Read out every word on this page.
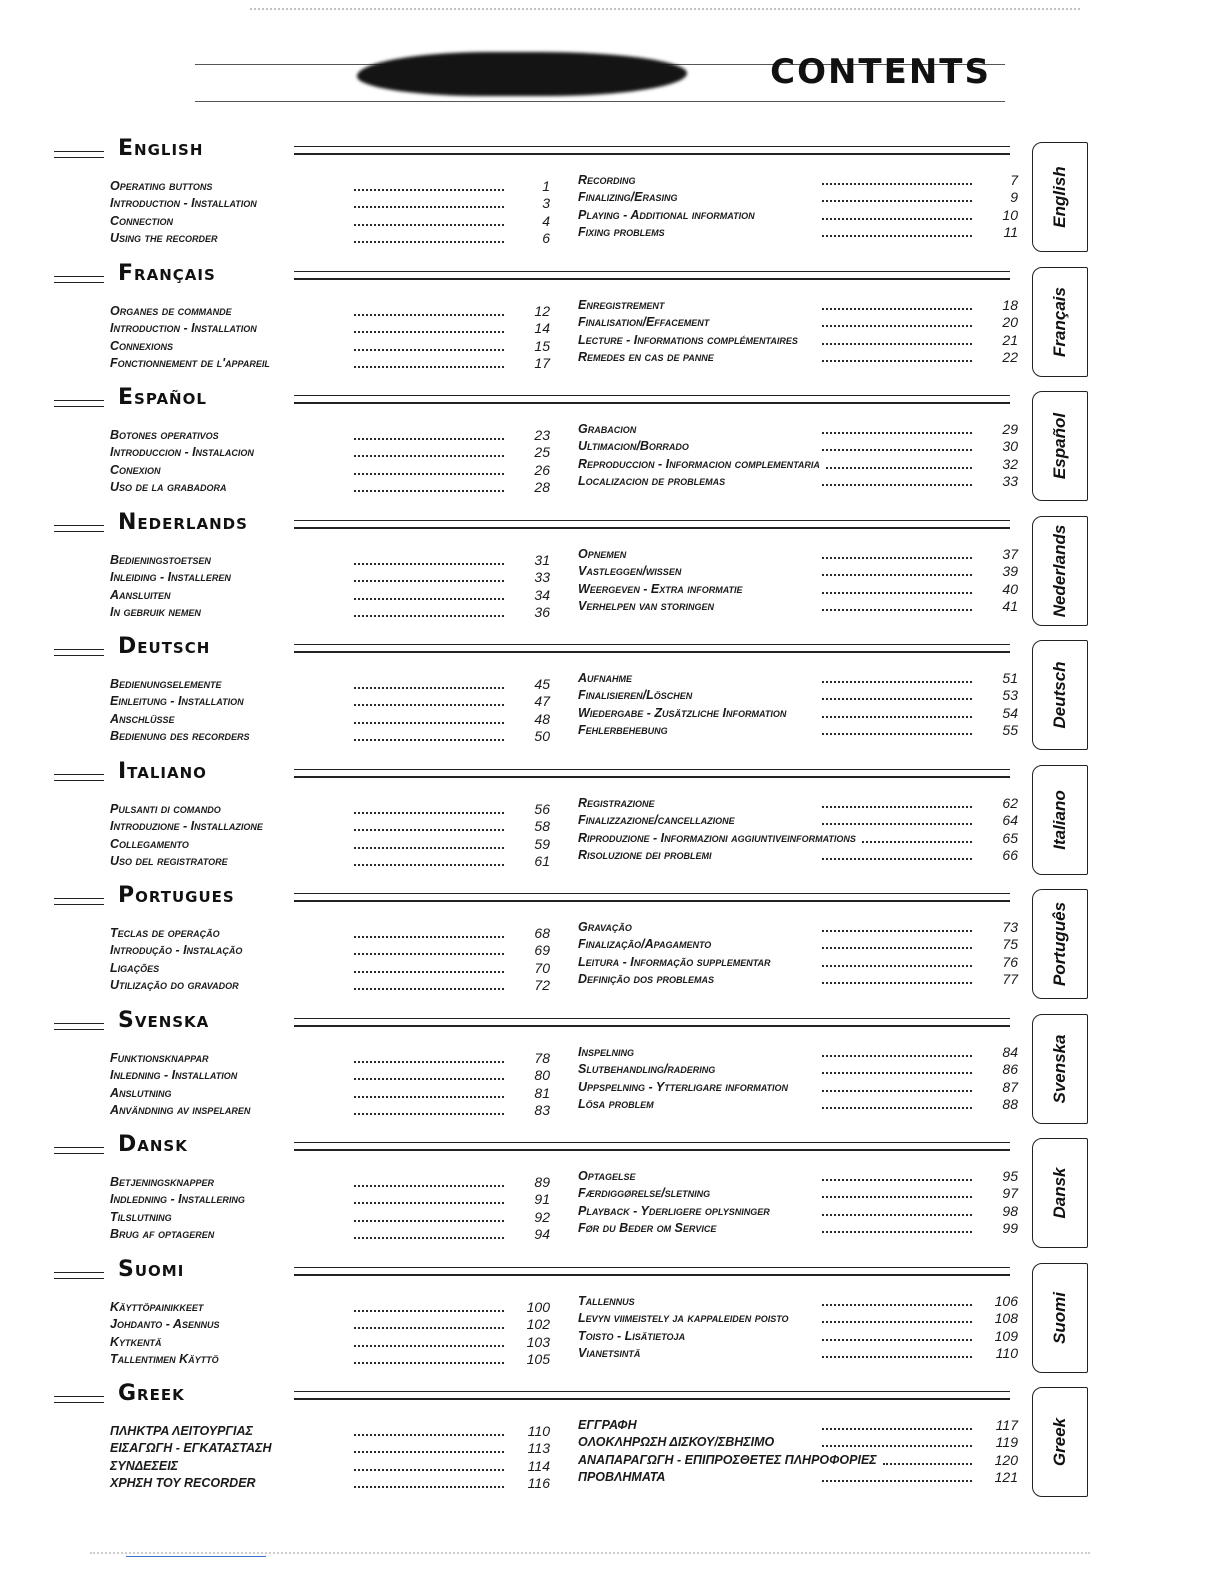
CONTENTS
English
Operating buttons	1
Introduction - Installation	3
Connection	4
Using the recorder	6
Recording	7
Finalizing/Erasing	9
Playing - Additional information	10
Fixing problems	11
English
Français
Organes de commande	12
Introduction - Installation	14
Connexions	15
Fonctionnement de l'appareil	17
Enregistrement	18
Finalisation/Effacement	20
Lecture - Informations complémentaires	21
Remedes en cas de panne	22
Français
Español
Botones operativos	23
Introduccion - Instalacion	25
Conexion	26
Uso de la grabadora	28
Grabacion	29
Ultimacion/Borrado	30
Reproduccion - Informacion complementaria	32
Localizacion de problemas	33
Español
Nederlands
Bedieningstoetsen	31
Inleiding - Installeren	33
Aansluiten	34
In gebruik nemen	36
Opnemen	37
Vastleggen/wissen	39
Weergeven - Extra informatie	40
Verhelpen van storingen	41 Nederlands
Deutsch
Bedienungselemente	45
Einleitung - Installation	47
Anschlüsse	48
Bedienung des recorders	50
Aufnahme	51
Finalisieren/Löschen	53
Wiedergabe - Zusätzliche Information	54
Fehlerbehebung	55
Deutsch
Italiano
Pulsanti di comando	56
Introduzione - Installazione	58
Collegamento	59
Uso del registratore	61
Registrazione	62
Finalizzazione/cancellazione	64
Riproduzione - Informazioni aggiuntiveinformations	65
Risoluzione dei problemi	66
Italiano
Portugues
Teclas de operação	68
Introdução - Instalação	69
Ligações	70
Utilização do gravador	72
Gravação	73
Finalização/Apagamento	75
Leitura - Informação supplementar	76
Definição dos problemas	77 Português
Svenska
Funktionsknappar	78
Inledning - Installation	80
Anslutning	81
Användning av inspelaren	83
Inspelning	84
Slutbehandling/radering	86
Uppspelning - Ytterligare information	87
Lösa problem	88
Svenska
Dansk
Betjeningsknapper	89
Indledning - Installering	91
Tilslutning	92
Brug af optageren	94
Optagelse	95
Færdiggørelse/sletning	97
Playback - Yderligere oplysninger	98
Før du Beder om Service	99
Dansk
Suomi
Käyttöpainikkeet	100
Johdanto - Asennus	102
Kytkentä	103
Tallentimen Käyttö	105
Tallennus	106
Levyn viimeistely ja kappaleiden poisto	108
Toisto - Lisätietoja	109
Vianetsintä	110
Suomi
Greek
ΠΛΗΚΤΡΑ ΛΕΙΤΟΥΡΓΙΑΣ	110
ΕΙΣΑΓΩΓΗ - ΕΓΚΑΤΑΣΤΑΣΗ	113
ΣΥΝΔΕΣΕΙΣ	114
ΧΡΗΣΗ ΤΟΥ RECORDER	116
ΕΓΓΡΑΦΗ	117
ΟΛΟΚΛΗΡΩΣΗ ΔΙΣΚΟΥ/ΣΒΗΣΙΜΟ	119
ΑΝΑΠΑΡΑΓΩΓΗ - ΕΠΙΠΡΟΣΘΕΤΕΣ ΠΛΗΡΟΦΟΡΙΕΣ	120
ΠΡΟΒΛΗΜΑΤΑ	121
Greek
